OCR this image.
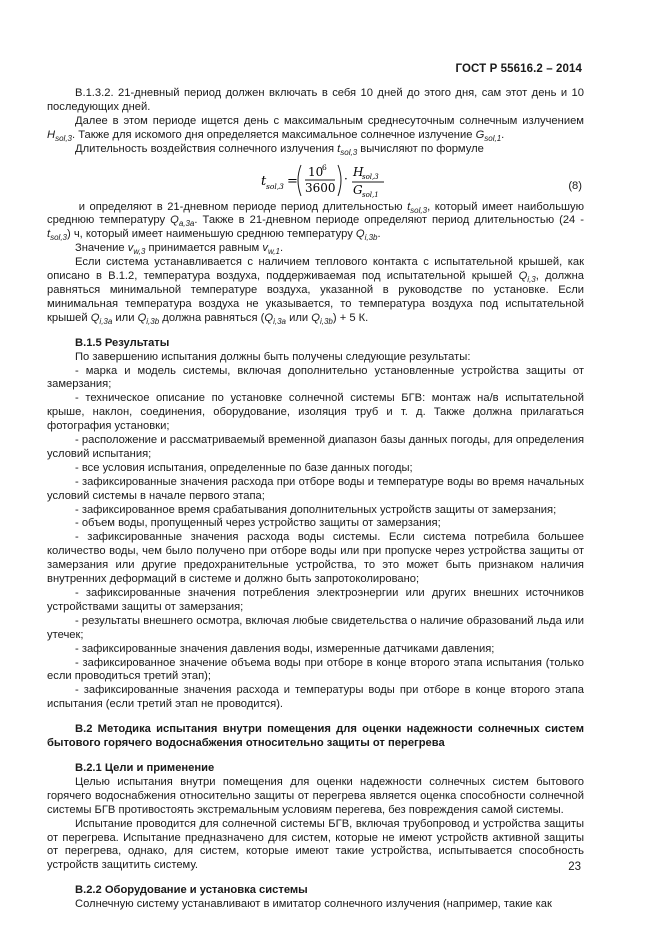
ГОСТ Р 55616.2 – 2014

В.1.3.2. 21-дневный период должен включать в себя 10 дней до этого дня, сам этот день и 10 последующих дней.

Далее в этом периоде ищется день с максимальным среднесуточным солнечным излучением $H_{sol,3}$. Также для искомого дня определяется максимальное солнечное излучение $G_{sol,1}$.

Длительность воздействия солнечного излучения $t_{sol,3}$ вычисляют по формуле

t sol,3 =
10
6
3600
· H
sol,3
G sol,1
(8)

и определяют в 21-дневном периоде период длительностью $t_{sol,3}$, который имеет наибольшую среднюю температуру $Q_{a,3a}$. Также в 21-дневном периоде определяют период длительностью $(24 - t_{sol,3})$ ч, который имеет наименьшую среднюю температуру $Q_{i,3b}$.

Значение $v_{w,3}$ принимается равным $v_{w,1}$.

Если система устанавливается с наличием теплового контакта с испытательной крышей, как описано в В.1.2, температура воздуха, поддерживаемая под испытательной крышей $Q_{i,3}$, должна равняться минимальной температуре воздуха, указанной в руководстве по установке. Если минимальная температура воздуха не указывается, то температура воздуха под испытательной крышей $Q_{i,3a}$ или $Q_{i,3b}$ должна равняться ($Q_{i,3a}$ или $Q_{i,3b}) + 5$ К.

В.1.5 Результаты

По завершению испытания должны быть получены следующие результаты:

- марка и модель системы, включая дополнительно установленные устройства защиты от замерзания;

- техническое описание по установке солнечной системы БГВ: монтаж на/в испытательной крыше, наклон, соединения, оборудование, изоляция труб и т. д. Также должна прилагаться фотография установки;

- расположение и рассматриваемый временной диапазон базы данных погоды, для определения условий испытания;

- все условия испытания, определенные по базе данных погоды;

- зафиксированные значения расхода при отборе воды и температуре воды во время начальных условий системы в начале первого этапа;

- зафиксированное время срабатывания дополнительных устройств защиты от замерзания;

- объем воды, пропущенный через устройство защиты от замерзания;

- зафиксированные значения расхода воды системы. Если система потребила большее количество воды, чем было получено при отборе воды или при пропуске через устройства защиты от замерзания или другие предохранительные устройства, то это может быть признаком наличия внутренних деформаций в системе и должно быть запротоколировано;

- зафиксированные значения потребления электроэнергии или других внешних источников устройствами защиты от замерзания;

- результаты внешнего осмотра, включая любые свидетельства о наличие образований льда или утечек;

- зафиксированные значения давления воды, измеренные датчиками давления;

- зафиксированное значение объема воды при отборе в конце второго этапа испытания (только если проводиться третий этап);

- зафиксированные значения расхода и температуры воды при отборе в конце второго этапа испытания (если третий этап не проводится).

В.2 Методика испытания внутри помещения для оценки надежности солнечных систем бытового горячего водоснабжения относительно защиты от перегрева

В.2.1 Цели и применение

Целью испытания внутри помещения для оценки надежности солнечных систем бытового горячего водоснабжения относительно защиты от перегрева является оценка способности солнечной системы БГВ противостоять экстремальным условиям перегева, без повреждения самой системы.

Испытание проводится для солнечной системы БГВ, включая трубопровод и устройства защиты от перегрева. Испытание предназначено для систем, которые не имеют устройств активной защиты от перегрева, однако, для систем, которые имеют такие устройства, испытывается способность устройств защитить систему.

В.2.2 Оборудование и установка системы

Солнечную систему устанавливают в имитатор солнечного излучения (например, такие как

23
